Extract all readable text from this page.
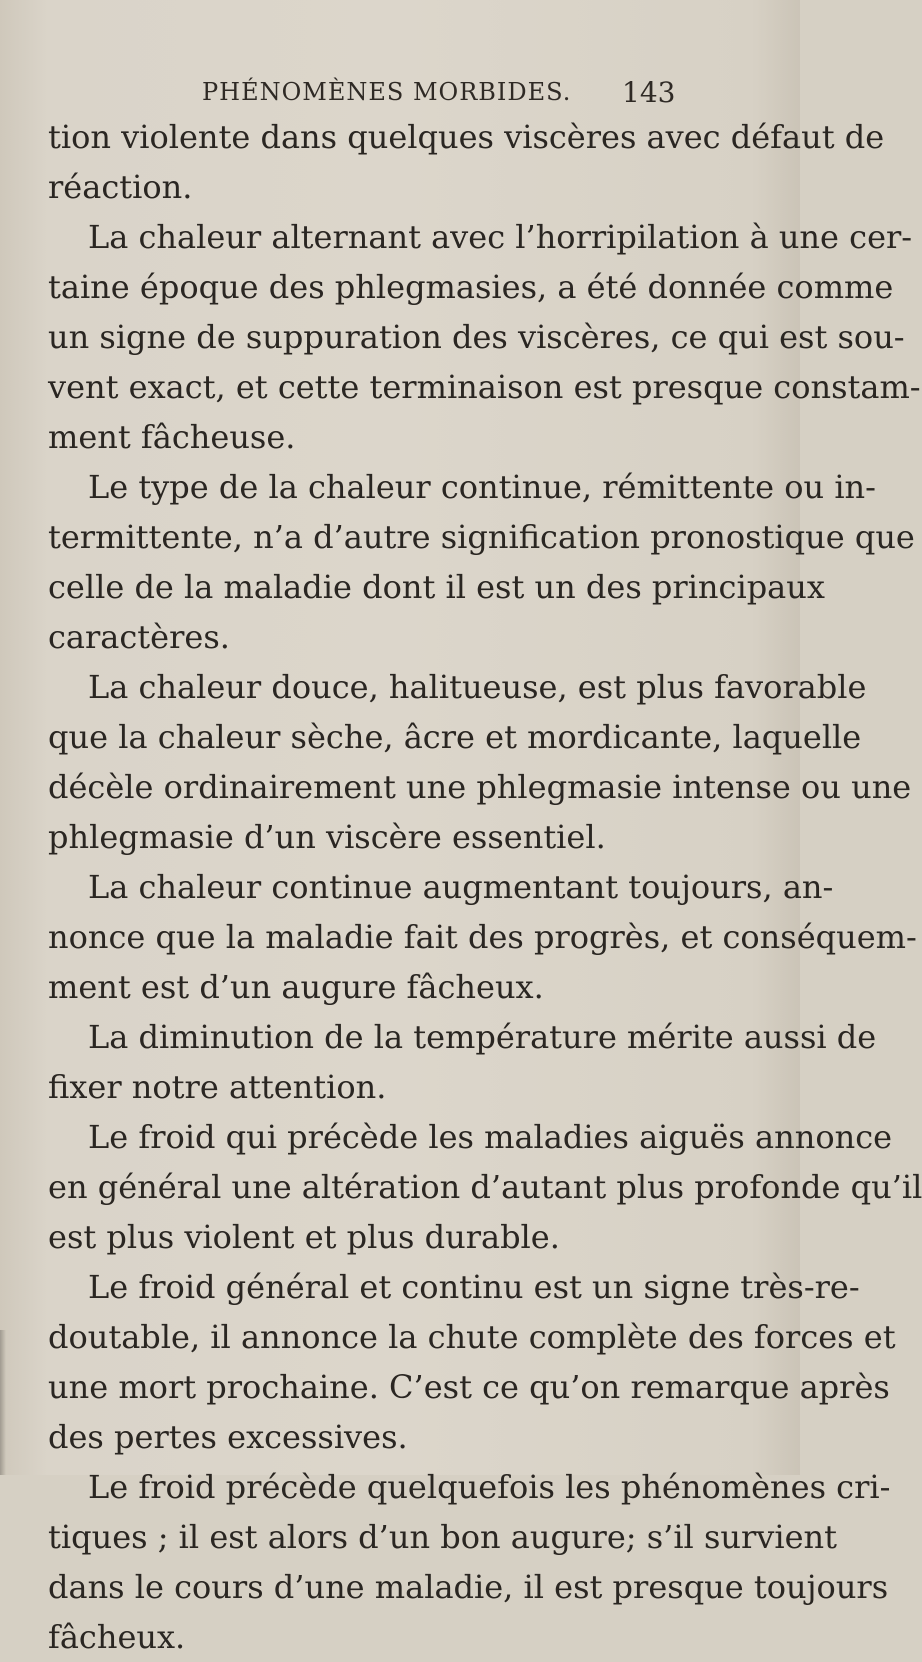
PHÉNOMÈNES MORBIDES. 143
tion violente dans quelques viscères avec défaut de
réaction.
La chaleur alternant avec l’horripilation à une cer-
taine époque des phlegmasies, a été donnée comme
un signe de suppuration des viscères, ce qui est sou-
vent exact, et cette terminaison est presque constam-
ment fâcheuse.
Le type de la chaleur continue, rémittente ou in-
termittente, n’a d’autre signification pronostique que
celle de la maladie dont il est un des principaux
caractères.
La chaleur douce, halitueuse, est plus favorable
que la chaleur sèche, âcre et mordicante, laquelle
décèle ordinairement une phlegmasie intense ou une
phlegmasie d’un viscère essentiel.
La chaleur continue augmentant toujours, an-
nonce que la maladie fait des progrès, et conséquem-
ment est d’un augure fâcheux.
La diminution de la température mérite aussi de
fixer notre attention.
Le froid qui précède les maladies aiguës annonce
en général une altération d’autant plus profonde qu’il
est plus violent et plus durable.
Le froid général et continu est un signe très-re-
doutable, il annonce la chute complète des forces et
une mort prochaine. C’est ce qu’on remarque après
des pertes excessives.
Le froid précède quelquefois les phénomènes cri-
tiques ; il est alors d’un bon augure; s’il survient
dans le cours d’une maladie, il est presque toujours
fâcheux.
